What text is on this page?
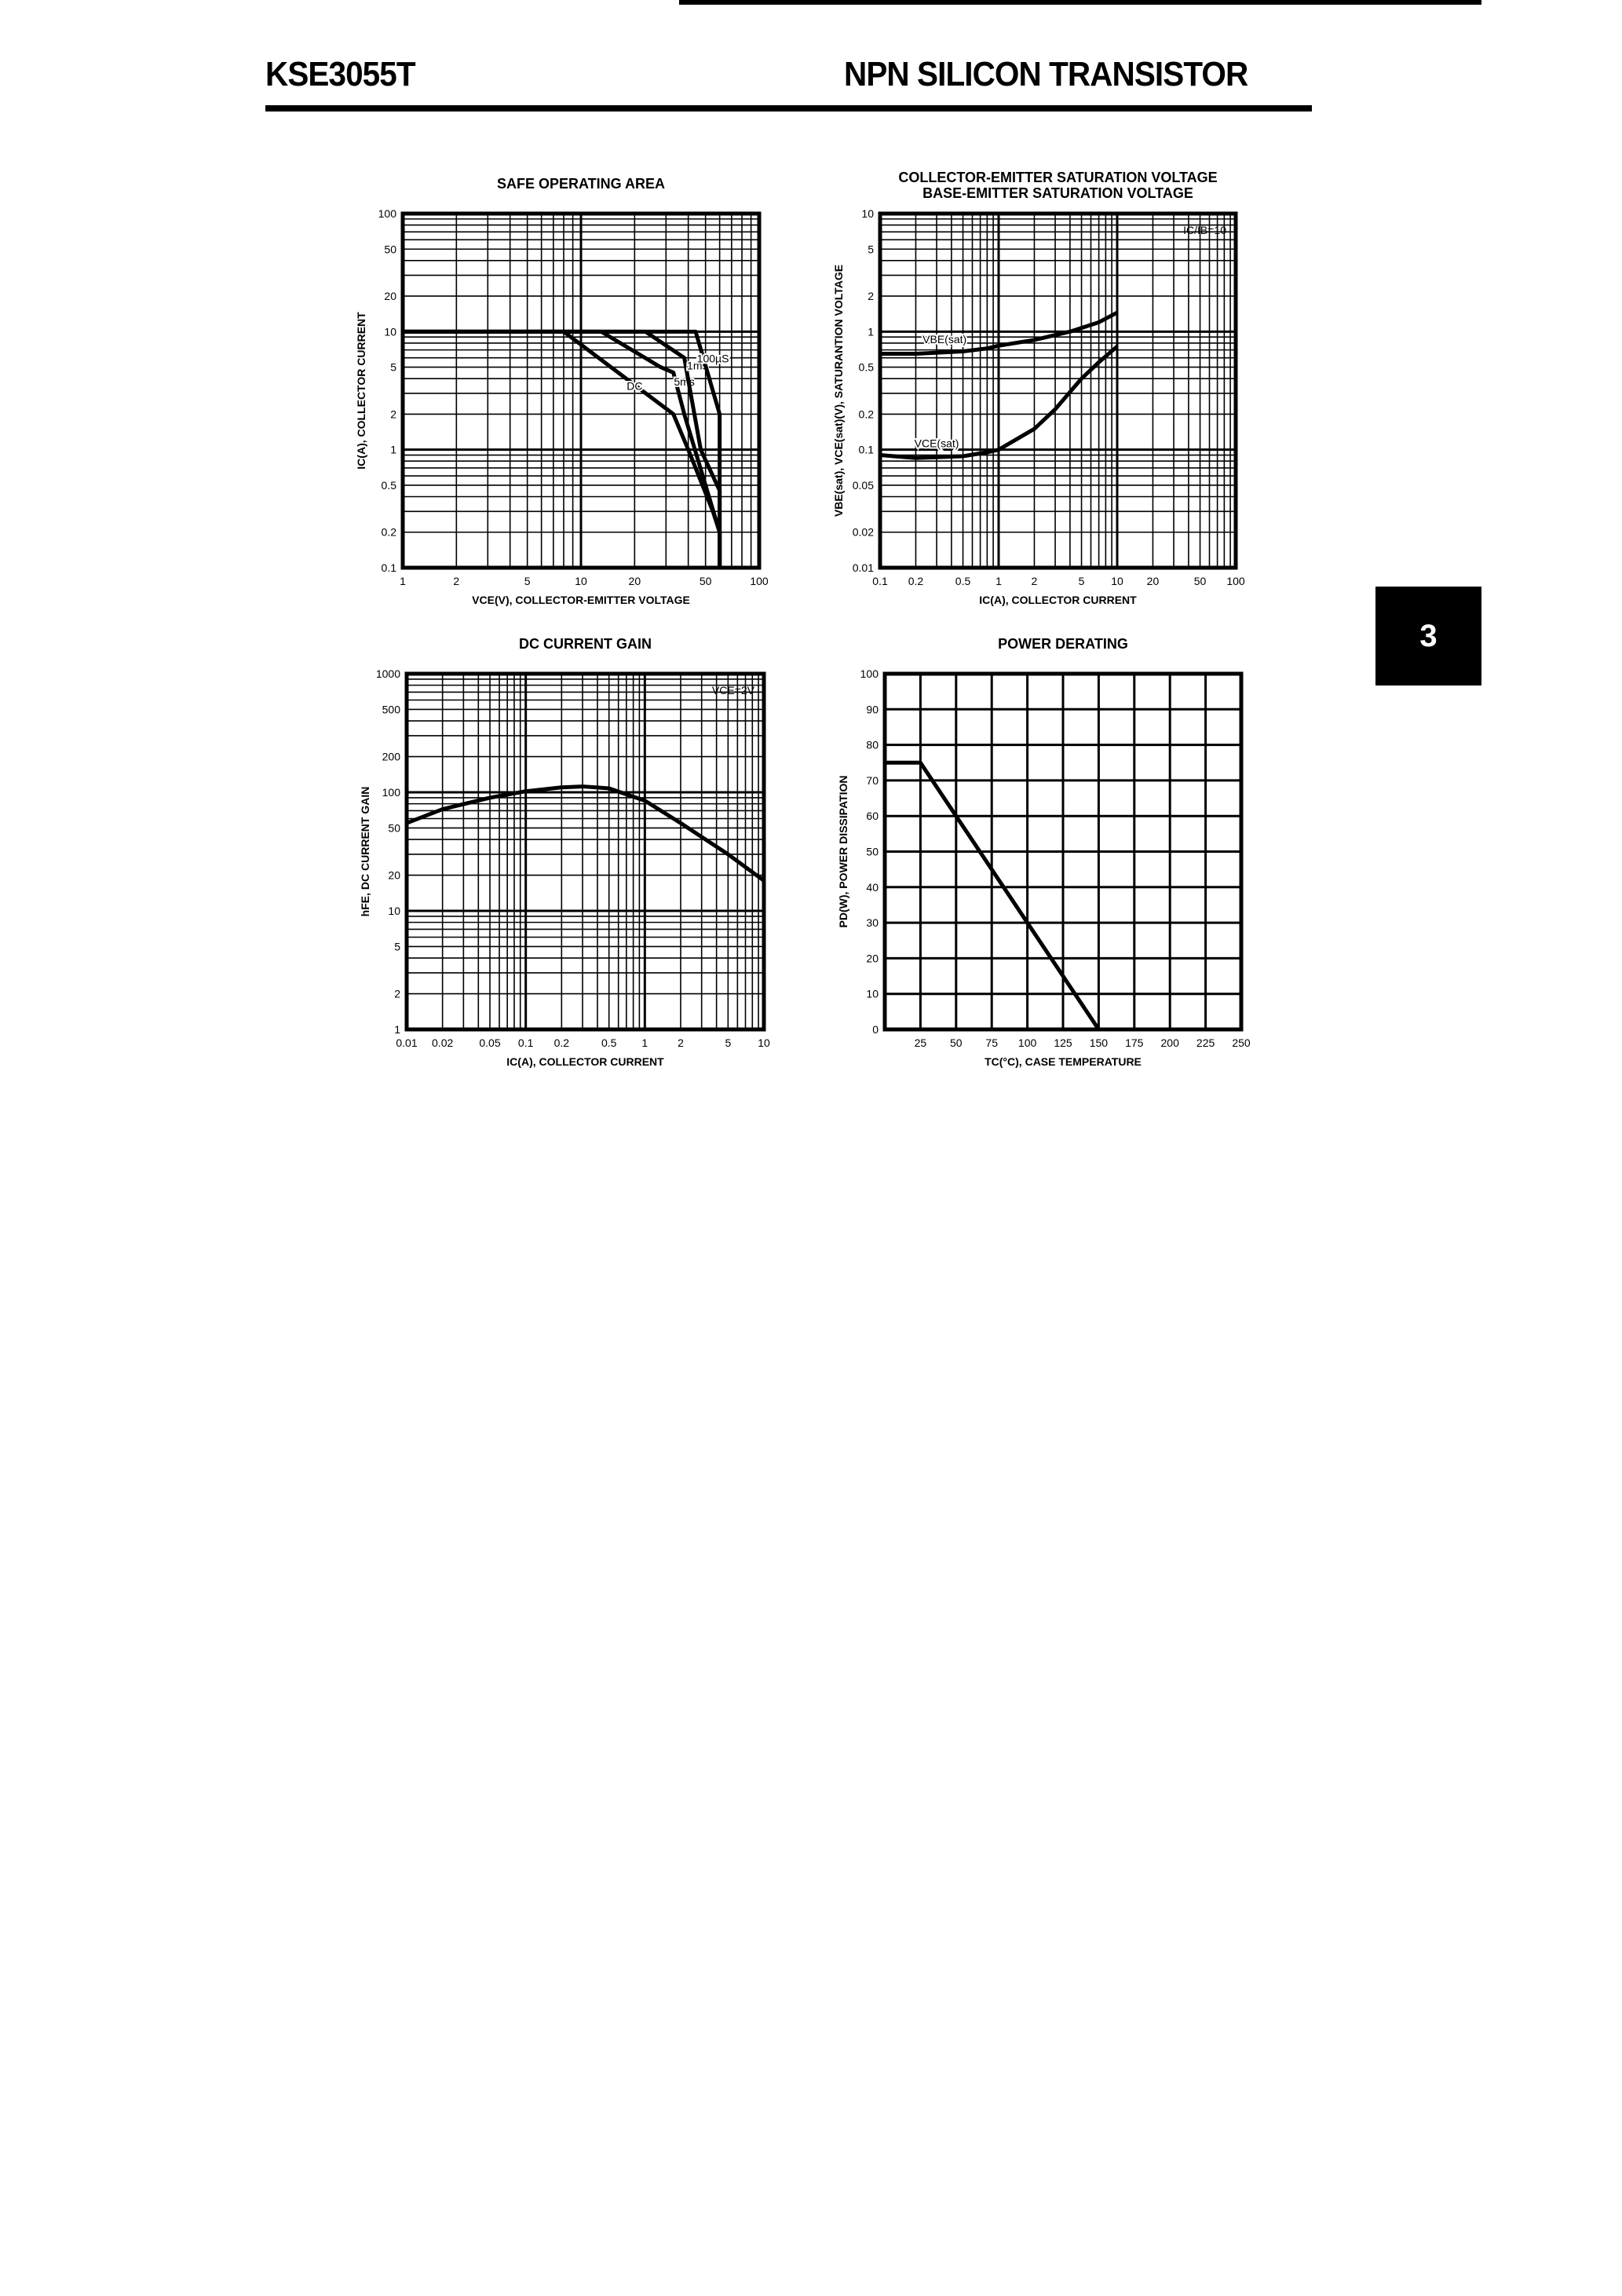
KSE3055T	NPN SILICON TRANSISTOR
3
1	2	5	10	20	50	100
100
50
20
10
5
2
1
0.5
0.2
0.1
SAFE OPERATING AREA
VCE(V), COLLECTOR-EMITTER VOLTAGE
IC(A), COLLECTOR CURRENT	DC	5ms
1ms
100µS
0.1 0.2	0.5 1	2	5 10 20	50 100
10
5
2
1
0.5
0.2
0.1
0.05
0.02
0.01
COLLECTOR-EMITTER SATURATION VOLTAGE
BASE-EMITTER SATURATION VOLTAGE
IC(A), COLLECTOR CURRENT
VBE(sat), VCE(sat)(V), SATURANTION VOLTAGE
IC/IB=10
VBE(sat)
VCE(sat)
0.01 0.02 0.05 0.1 0.2	0.5 1	2	5 10
1000
500
200
100
50
20
10
5
2
1
DC CURRENT GAIN
IC(A), COLLECTOR CURRENT
hFE, DC CURRENT GAIN
VCE=2V
25 50 75 100 125 150 175 200 225 250
100
90
80
70
60
50
40
30
20
10
0
POWER DERATING
TC(°C), CASE TEMPERATURE
PD(W), POWER DISSIPATION
